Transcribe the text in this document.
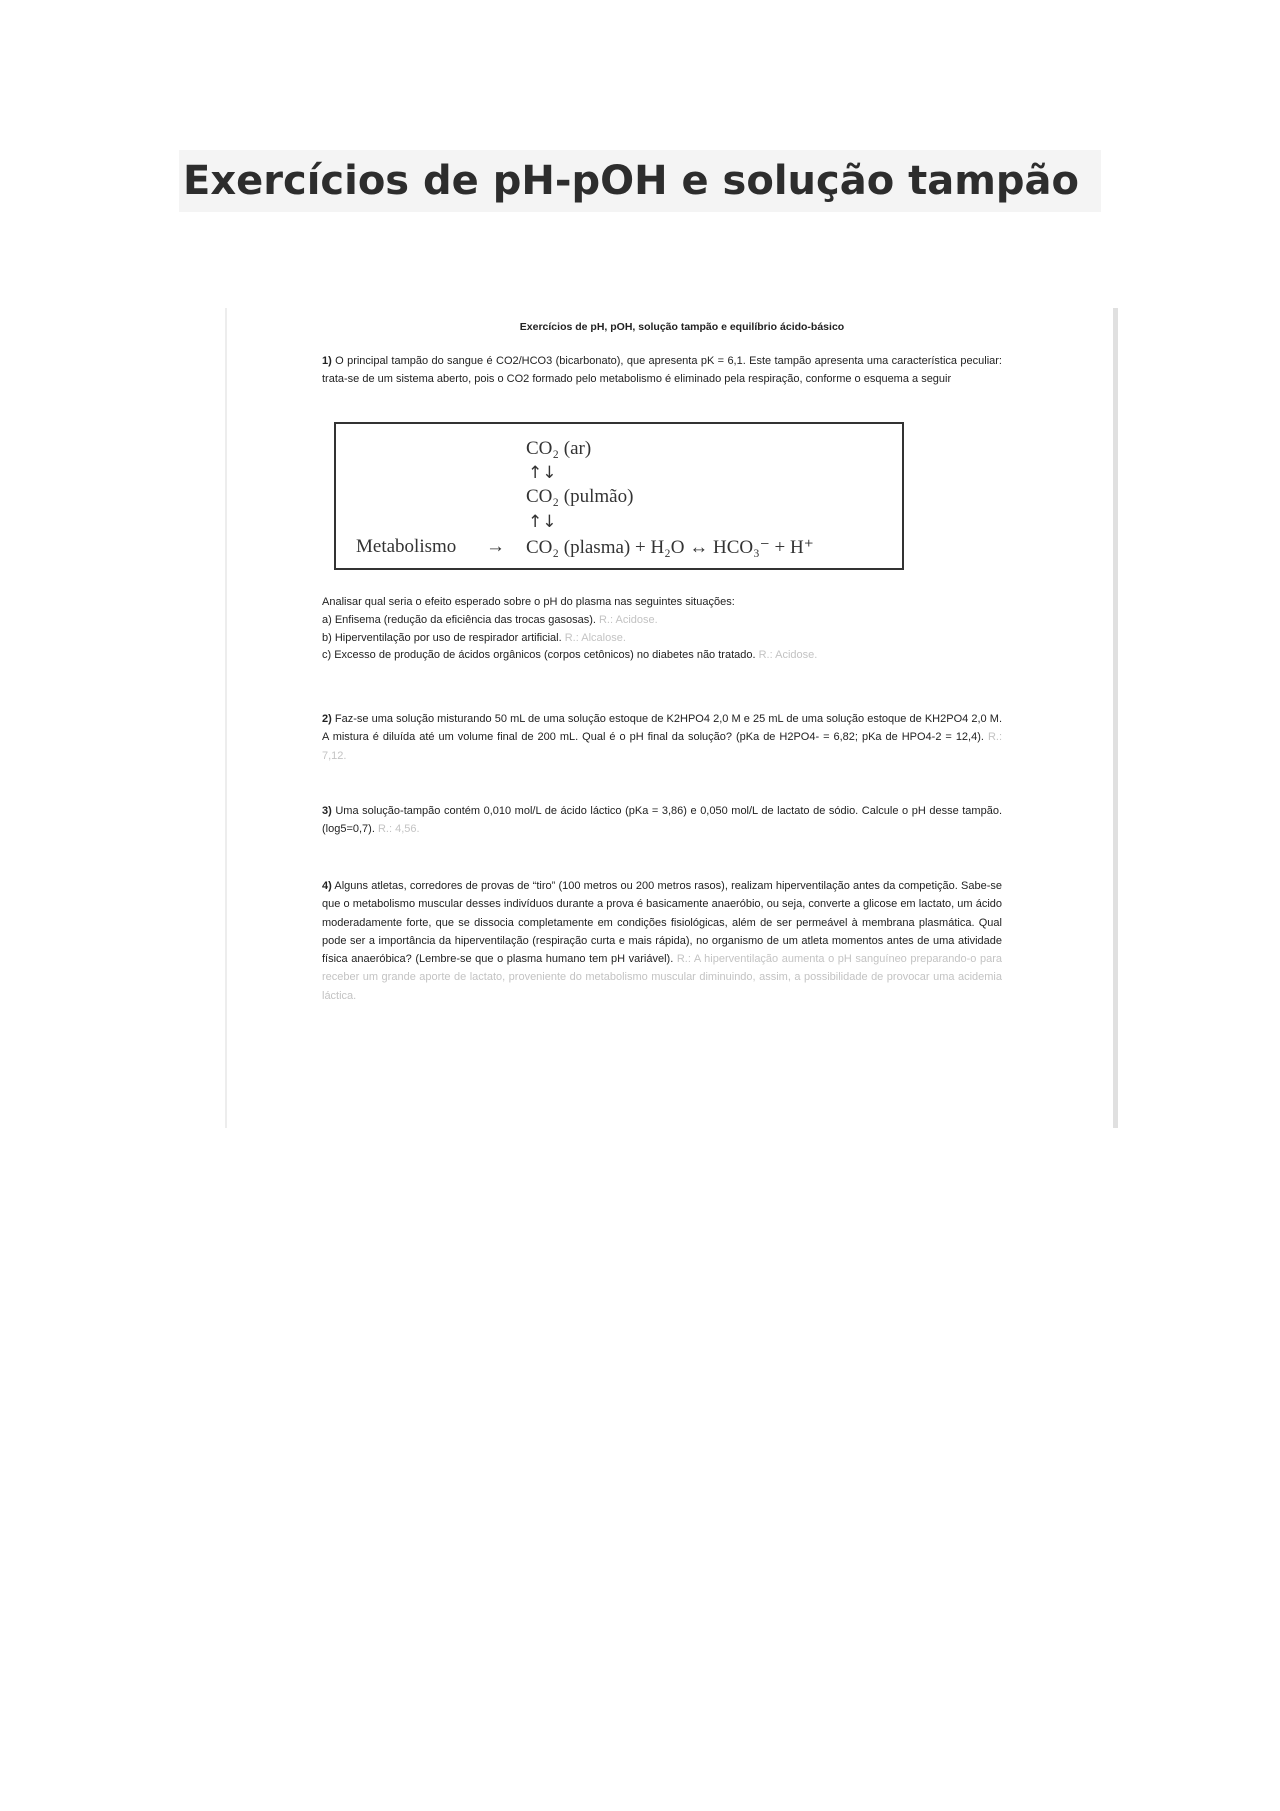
Exercícios de pH-pOH e solução tampão
Exercícios de pH, pOH, solução tampão e equilíbrio ácido-básico

1) O principal tampão do sangue é CO2/HCO3 (bicarbonato), que apresenta pK = 6,1. Este tampão apresenta uma característica peculiar: trata-se de um sistema aberto, pois o CO2 formado pelo metabolismo é eliminado pela respiração, conforme o esquema a seguir

CO₂ (ar)
↑↓
CO₂ (pulmão)
↑↓
Metabolismo → CO₂ (plasma) + H₂O ↔ HCO₃⁻ + H⁺
Analisar qual seria o efeito esperado sobre o pH do plasma nas seguintes situações:
a) Enfisema (redução da eficiência das trocas gasosas). R.: Acidose.
b) Hiperventilação por uso de respirador artificial. R.: Alcalose.
c) Excesso de produção de ácidos orgânicos (corpos cetônicos) no diabetes não tratado. R.: Acidose.

2) Faz-se uma solução misturando 50 mL de uma solução estoque de K2HPO4 2,0 M e 25 mL de uma solução estoque de KH2PO4 2,0 M. A mistura é diluída até um volume final de 200 mL. Qual é o pH final da solução? (pKa de H2PO4- = 6,82; pKa de HPO4-2 = 12,4). R.: 7,12.

3) Uma solução-tampão contém 0,010 mol/L de ácido láctico (pKa = 3,86) e 0,050 mol/L de lactato de sódio. Calcule o pH desse tampão. (log5=0,7). R.: 4,56.

4) Alguns atletas, corredores de provas de “tiro” (100 metros ou 200 metros rasos), realizam hiperventilação antes da competição. Sabe-se que o metabolismo muscular desses indivíduos durante a prova é basicamente anaeróbio, ou seja, converte a glicose em lactato, um ácido moderadamente forte, que se dissocia completamente em condições fisiológicas, além de ser permeável à membrana plasmática. Qual pode ser a importância da hiperventilação (respiração curta e mais rápida), no organismo de um atleta momentos antes de uma atividade física anaeróbica? (Lembre-se que o plasma humano tem pH variável). R.: A hiperventilação aumenta o pH sanguíneo preparando-o para receber um grande aporte de lactato, proveniente do metabolismo muscular diminuindo, assim, a possibilidade de provocar uma acidemia láctica.
